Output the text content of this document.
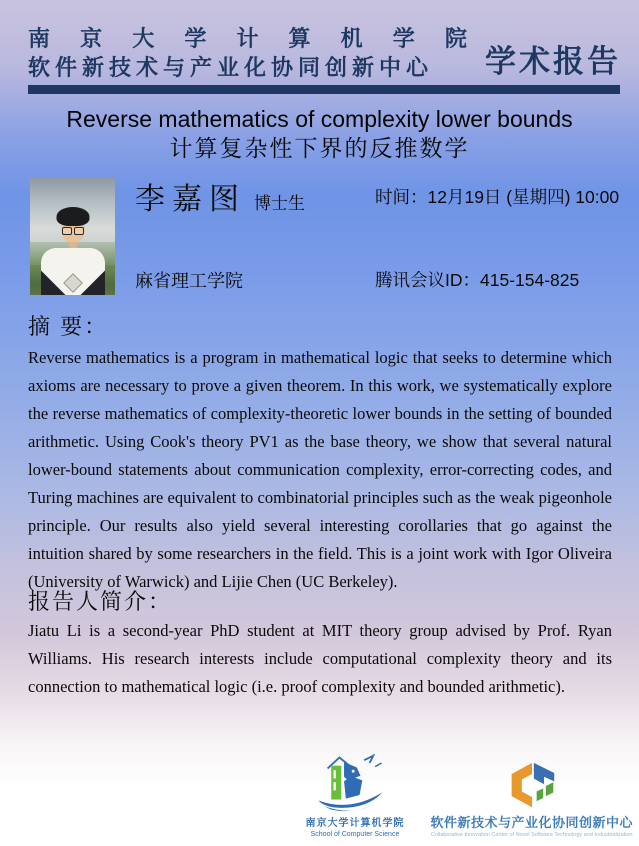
南 京 大 学 计 算 机 学 院
软件新技术与产业化协同创新中心	学术报告
Reverse mathematics of complexity lower bounds
计算复杂性下界的反推数学
李嘉图 博士生	时间：12月19日 (星期四) 10:00
麻省理工学院	腾讯会议ID：415-154-825
摘 要：

Reverse mathematics is a program in mathematical logic that seeks to determine which axioms are necessary to prove a given theorem. In this work, we systematically explore the reverse mathematics of complexity-theoretic lower bounds in the setting of bounded arithmetic. Using Cook's theory PV1 as the base theory, we show that several natural lower-bound statements about communication complexity, error-correcting codes, and Turing machines are equivalent to combinatorial principles such as the weak pigeonhole principle. Our results also yield several interesting corollaries that go against the intuition shared by some researchers in the field. This is a joint work with Igor Oliveira (University of Warwick) and Lijie Chen (UC Berkeley).

报告人简介：

Jiatu Li is a second-year PhD student at MIT theory group advised by Prof. Ryan Williams. His research interests include computational complexity theory and its connection to mathematical logic (i.e. proof complexity and bounded arithmetic).

南京大学计算机学院
School of Computer Science
软件新技术与产业化协同创新中心
Collaborative Innovation Center of Novel Software Technology and Industrialization
